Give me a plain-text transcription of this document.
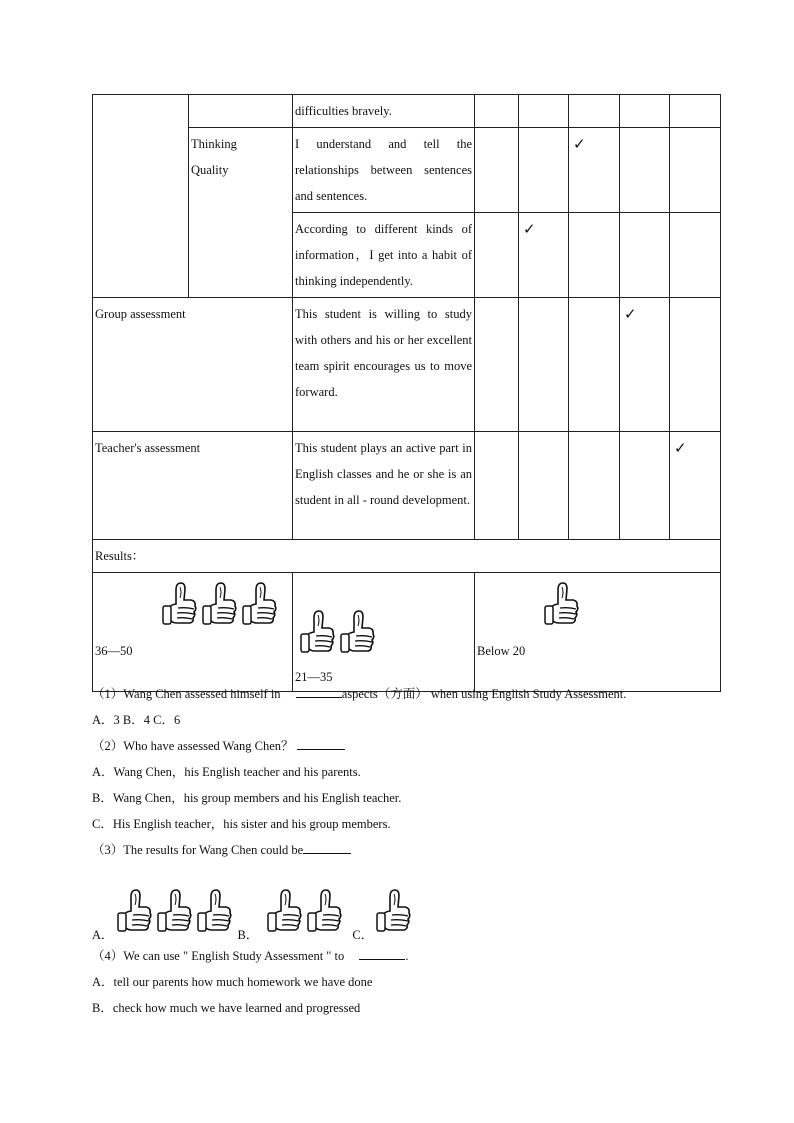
		difficulties bravely.					

	Thinking
Quality	I understand and tell the relationships between sentences and sentences.			✓		
		According to different kinds of information，I get into a habit of thinking independently.		✓			
Group assessment		This student is willing to study with others and his or her excellent team spirit encourages us to move forward.				✓	
Teacher's assessment		This student plays an active part in English classes and he or she is an student in all - round development.					✓
Results：							

36—50		21—35	Below 20				
（1）Wang Chen assessed himself in	aspects（方面） when using English Study Assessment.
A．3 B．4 C．6
（2）Who have assessed Wang Chen？
A．Wang Chen，his English teacher and his parents.
B．Wang Chen，his group members and his English teacher.
C．His English teacher，his sister and his group members.
（3）The results for Wang Chen could be
A．	B．	C．
（4）We can use " English Study Assessment " to	.
A．tell our parents how much homework we have done
B．check how much we have learned and progressed
